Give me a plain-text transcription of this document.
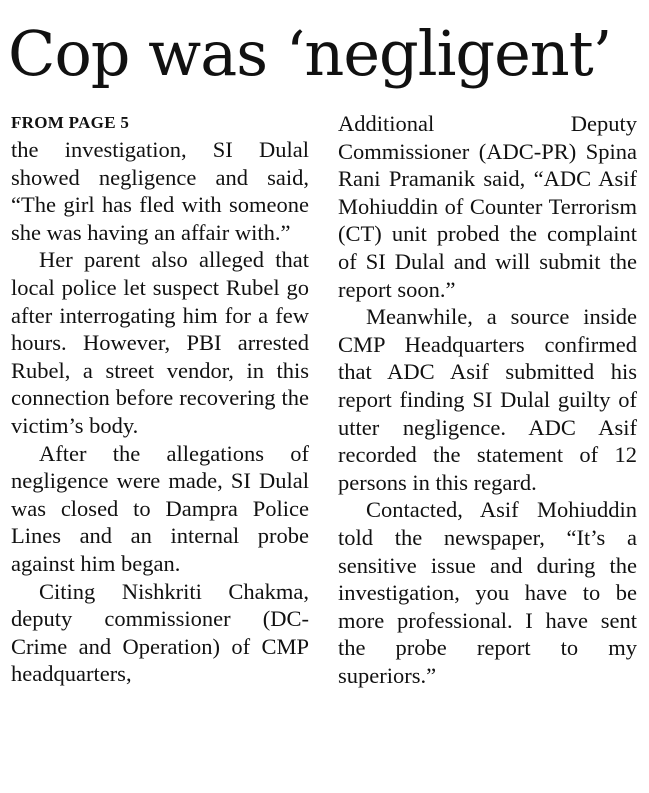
Cop was ‘negligent’
FROM PAGE 5

the investigation, SI Dulal showed negligence and said, “The girl has fled with someone she was having an affair with.”

Her parent also alleged that local police let suspect Rubel go after interrogating him for a few hours. However, PBI arrested Rubel, a street vendor, in this connection before recovering the victim’s body.

After the allegations of negligence were made, SI Dulal was closed to Dampra Police Lines and an internal probe against him began.

Citing Nishkriti Chakma, deputy commissioner (DC-Crime and Operation) of CMP headquarters,

Additional Deputy Commissioner (ADC-PR) Spina Rani Pramanik said, “ADC Asif Mohiuddin of Counter Terrorism (CT) unit probed the complaint of SI Dulal and will submit the report soon.”

Meanwhile, a source inside CMP Headquarters confirmed that ADC Asif submitted his report finding SI Dulal guilty of utter negligence. ADC Asif recorded the statement of 12 persons in this regard.

Contacted, Asif Mohiuddin told the newspaper, “It’s a sensitive issue and during the investigation, you have to be more professional. I have sent the probe report to my superiors.”
